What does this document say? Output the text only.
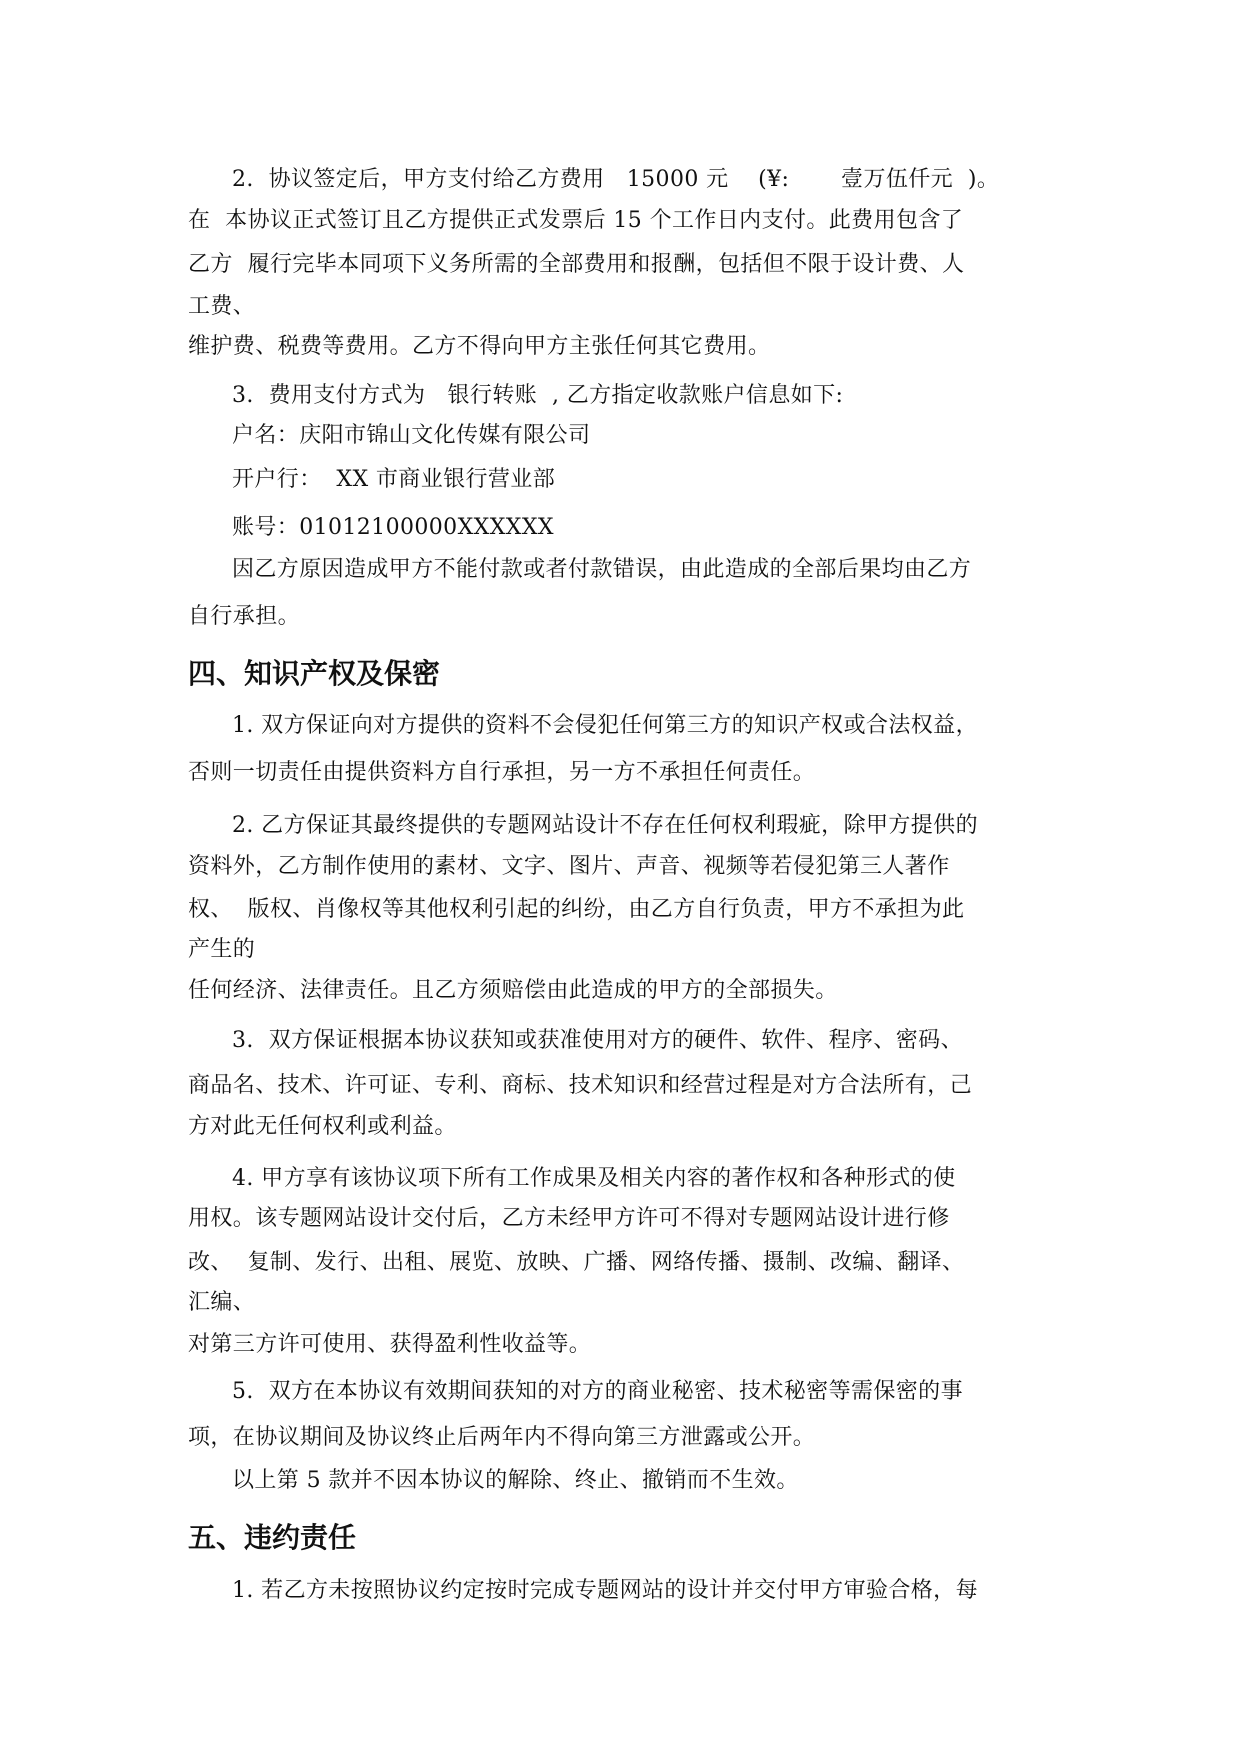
2.  协议签定后，甲方支付给乙方费用   15000 元    (¥:       壹万伍仟元  )。
在  本协议正式签订且乙方提供正式发票后 15 个工作日内支付。此费用包含了
乙方  履行完毕本同项下义务所需的全部费用和报酬，包括但不限于设计费、人
工费、
维护费、税费等费用。乙方不得向甲方主张任何其它费用。
3.  费用支付方式为   银行转账  , 乙方指定收款账户信息如下:
户名：庆阳市锦山文化传媒有限公司
开户行：  XX 市商业银行营业部
账号：01012100000XXXXXX
因乙方原因造成甲方不能付款或者付款错误，由此造成的全部后果均由乙方
自行承担。
四、知识产权及保密
1. 双方保证向对方提供的资料不会侵犯任何第三方的知识产权或合法权益，
否则一切责任由提供资料方自行承担，另一方不承担任何责任。
2. 乙方保证其最终提供的专题网站设计不存在任何权利瑕疵，除甲方提供的
资料外，乙方制作使用的素材、文字、图片、声音、视频等若侵犯第三人著作
权、  版权、肖像权等其他权利引起的纠纷，由乙方自行负责，甲方不承担为此
产生的
任何经济、法律责任。且乙方须赔偿由此造成的甲方的全部损失。
3.  双方保证根据本协议获知或获准使用对方的硬件、软件、程序、密码、
商品名、技术、许可证、专利、商标、技术知识和经营过程是对方合法所有，己
方对此无任何权利或利益。
4. 甲方享有该协议项下所有工作成果及相关内容的著作权和各种形式的使
用权。该专题网站设计交付后，乙方未经甲方许可不得对专题网站设计进行修
改、  复制、发行、出租、展览、放映、广播、网络传播、摄制、改编、翻译、
汇编、
对第三方许可使用、获得盈利性收益等。
5.  双方在本协议有效期间获知的对方的商业秘密、技术秘密等需保密的事
项，在协议期间及协议终止后两年内不得向第三方泄露或公开。
以上第 5 款并不因本协议的解除、终止、撤销而不生效。
五、违约责任
1. 若乙方未按照协议约定按时完成专题网站的设计并交付甲方审验合格，每
